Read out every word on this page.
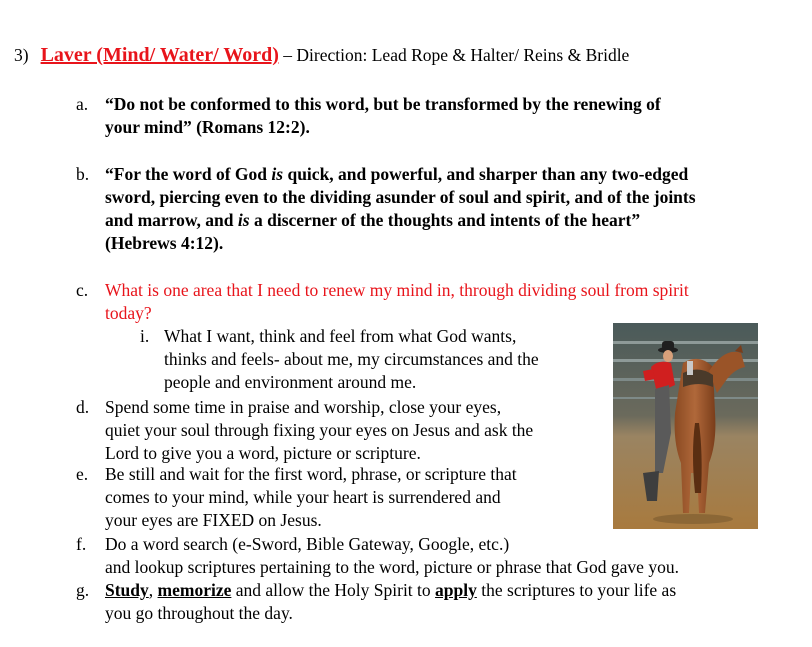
3) Laver (Mind/ Water/ Word) – Direction: Lead Rope & Halter/ Reins & Bridle
a. “Do not be conformed to this word, but be transformed by the renewing of
your mind” (Romans 12:2).
b. “For the word of God is quick, and powerful, and sharper than any two-edged
sword, piercing even to the dividing asunder of soul and spirit, and of the joints
and marrow, and is a discerner of the thoughts and intents of the heart”
(Hebrews 4:12).
c. What is one area that I need to renew my mind in, through dividing soul from spirit
today?
i. What I want, think and feel from what God wants,
thinks and feels- about me, my circumstances and the
people and environment around me.
d. Spend some time in praise and worship, close your eyes,
quiet your soul through fixing your eyes on Jesus and ask the
Lord to give you a word, picture or scripture.
e. Be still and wait for the first word, phrase, or scripture that
comes to your mind, while your heart is surrendered and
your eyes are FIXED on Jesus.
f.	Do a word search (e-Sword, Bible Gateway, Google, etc.)
and lookup scriptures pertaining to the word, picture or phrase that God gave you.
g. Study, memorize and allow the Holy Spirit to apply the scriptures to your life as
you go throughout the day.
